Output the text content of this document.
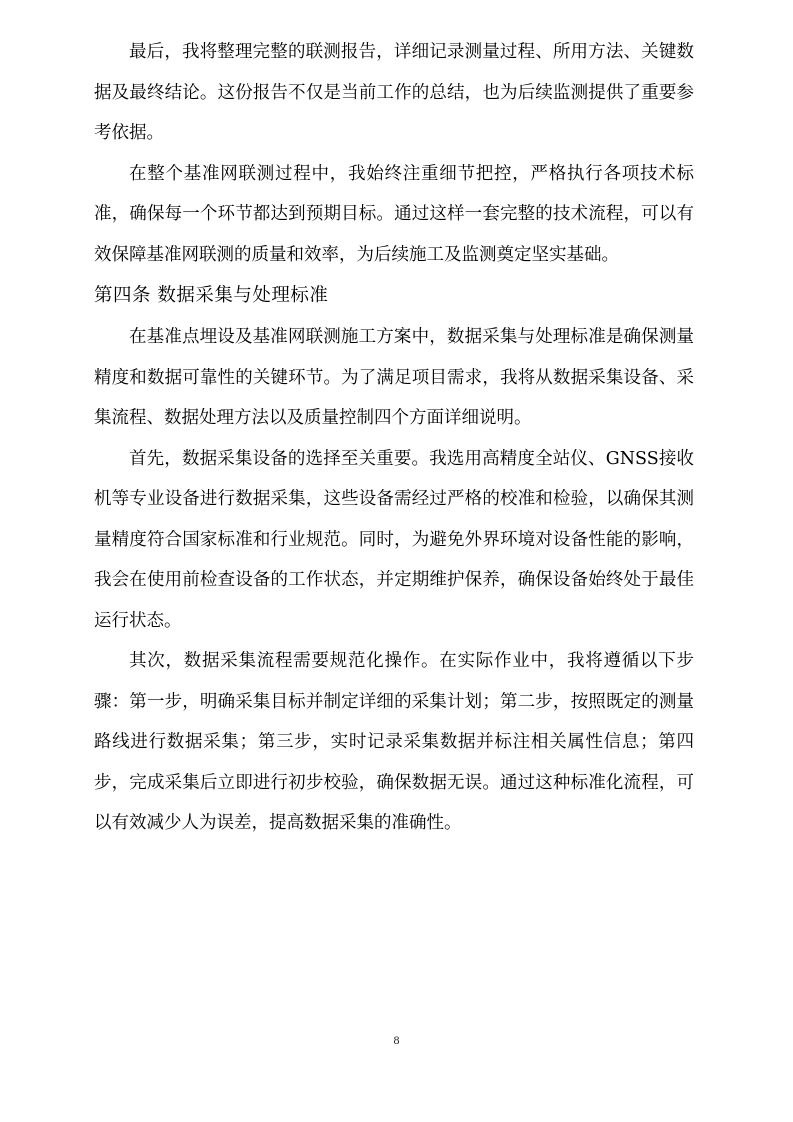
最后，我将整理完整的联测报告，详细记录测量过程、所用方法、关键数据及最终结论。这份报告不仅是当前工作的总结，也为后续监测提供了重要参考依据。

在整个基准网联测过程中，我始终注重细节把控，严格执行各项技术标准，确保每一个环节都达到预期目标。通过这样一套完整的技术流程，可以有效保障基准网联测的质量和效率，为后续施工及监测奠定坚实基础。

第四条 数据采集与处理标准

在基准点埋设及基准网联测施工方案中，数据采集与处理标准是确保测量精度和数据可靠性的关键环节。为了满足项目需求，我将从数据采集设备、采集流程、数据处理方法以及质量控制四个方面详细说明。

首先，数据采集设备的选择至关重要。我选用高精度全站仪、GNSS接收机等专业设备进行数据采集，这些设备需经过严格的校准和检验，以确保其测量精度符合国家标准和行业规范。同时，为避免外界环境对设备性能的影响，我会在使用前检查设备的工作状态，并定期维护保养，确保设备始终处于最佳运行状态。

其次，数据采集流程需要规范化操作。在实际作业中，我将遵循以下步骤：第一步，明确采集目标并制定详细的采集计划；第二步，按照既定的测量路线进行数据采集；第三步，实时记录采集数据并标注相关属性信息；第四步，完成采集后立即进行初步校验，确保数据无误。通过这种标准化流程，可以有效减少人为误差，提高数据采集的准确性。

8
